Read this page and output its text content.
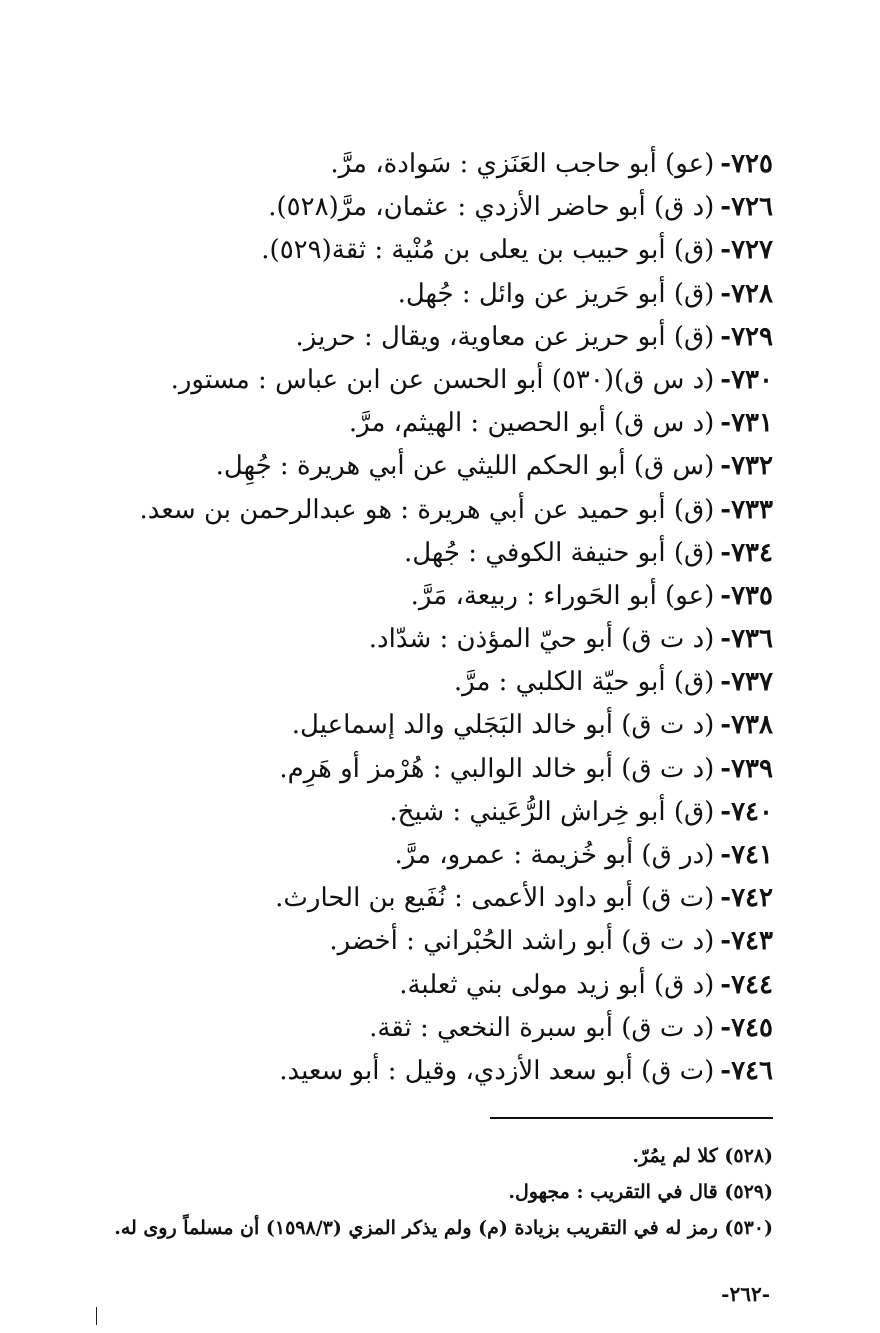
٧٢٥-(عو) أبو حاجب العَنَزي : سَوادة، مرَّ.
٧٢٦-(د ق) أبو حاضر الأزدي : عثمان، مرَّ(٥٢٨).
٧٢٧-(ق) أبو حبيب بن يعلى بن مُنْية : ثقة(٥٢٩).
٧٢٨-(ق) أبو حَريز عن وائل : جُهل.
٧٢٩-(ق) أبو حريز عن معاوية، ويقال : حريز.
٧٣٠-(د س ق)(٥٣٠) أبو الحسن عن ابن عباس : مستور.
٧٣١-(د س ق) أبو الحصين : الهيثم، مرَّ.
٧٣٢-(س ق) أبو الحكم الليثي عن أبي هريرة : جُهِل.
٧٣٣-(ق) أبو حميد عن أبي هريرة : هو عبدالرحمن بن سعد.
٧٣٤-(ق) أبو حنيفة الكوفي : جُهل.
٧٣٥-(عو) أبو الحَوراء : ربيعة، مَرَّ.
٧٣٦-(د ت ق) أبو حيّ المؤذن : شدّاد.
٧٣٧-(ق) أبو حيّة الكلبي : مرَّ.
٧٣٨-(د ت ق) أبو خالد البَجَلي والد إسماعيل.
٧٣٩-(د ت ق) أبو خالد الوالبي : هُرْمز أو هَرِم.
٧٤٠-(ق) أبو خِراش الرُّعَيني : شيخ.
٧٤١-(در ق) أبو خُزيمة : عمرو، مرَّ.
٧٤٢-(ت ق) أبو داود الأعمى : نُفَيع بن الحارث.
٧٤٣-(د ت ق) أبو راشد الحُبْراني : أخضر.
٧٤٤-(د ق) أبو زيد مولى بني ثعلبة.
٧٤٥-(د ت ق) أبو سبرة النخعي : ثقة.
٧٤٦-(ت ق) أبو سعد الأزدي، وقيل : أبو سعيد.
(٥٢٨) كلا لم يمُرّ.
(٥٢٩) قال في التقريب : مجهول.
(٥٣٠) رمز له في التقريب بزيادة (م) ولم يذكر المزي (١٥٩٨/٣) أن مسلماً روى له.
-٢٦٢-
